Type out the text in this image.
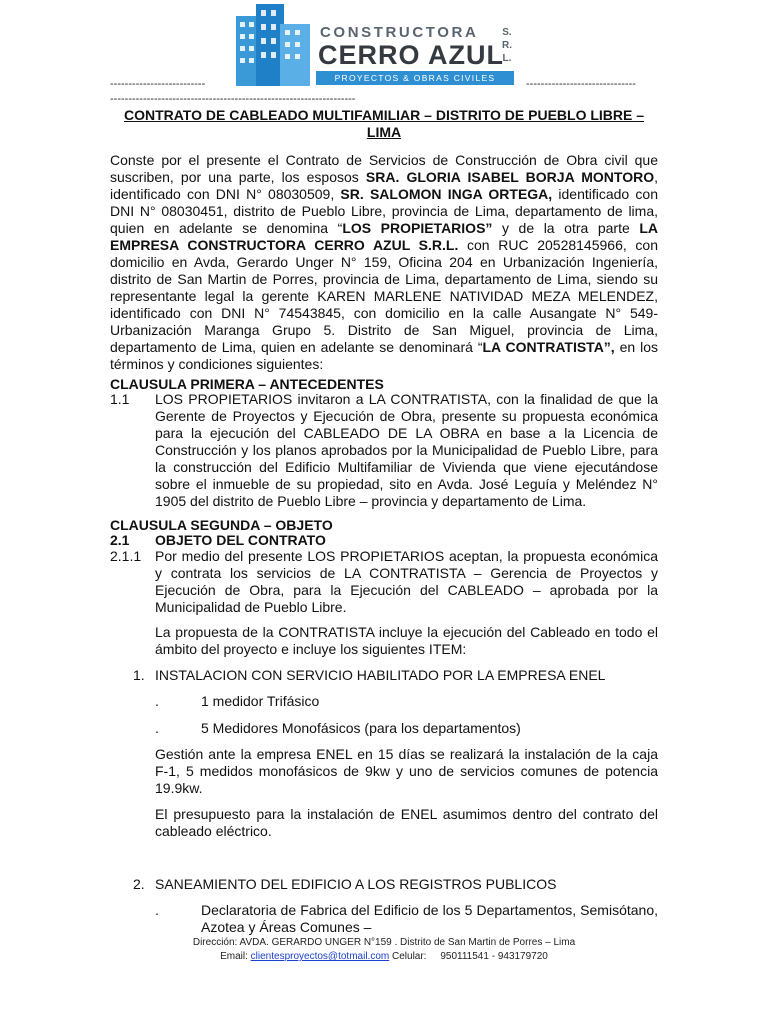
CONSTRUCTORA S.
R.
L.
CERRO AZUL
PROYECTOS & OBRAS CIVILES
--------------------------	------------------------------
-------------------------------------------------------------------
CONTRATO DE CABLEADO MULTIFAMILIAR – DISTRITO DE PUEBLO LIBRE – LIMA
Conste por el presente el Contrato de Servicios de Construcción de Obra civil que suscriben, por una parte, los esposos SRA. GLORIA ISABEL BORJA MONTORO, identificado con DNI N° 08030509, SR. SALOMON INGA ORTEGA, identificado con DNI N° 08030451, distrito de Pueblo Libre, provincia de Lima, departamento de lima, quien en adelante se denomina “LOS PROPIETARIOS” y de la otra parte LA EMPRESA CONSTRUCTORA CERRO AZUL S.R.L. con RUC 20528145966, con domicilio en Avda, Gerardo Unger N° 159, Oficina 204 en Urbanización Ingeniería, distrito de San Martin de Porres, provincia de Lima, departamento de Lima, siendo su representante legal la gerente KAREN MARLENE NATIVIDAD MEZA MELENDEZ, identificado con DNI N° 74543845, con domicilio en la calle Ausangate N° 549-Urbanización Maranga Grupo 5. Distrito de San Miguel, provincia de Lima, departamento de Lima, quien en adelante se denominará “LA CONTRATISTA”, en los términos y condiciones siguientes:
CLAUSULA PRIMERA – ANTECEDENTES
1.1 LOS PROPIETARIOS invitaron a LA CONTRATISTA, con la finalidad de que la Gerente de Proyectos y Ejecución de Obra, presente su propuesta económica para la ejecución del CABLEADO DE LA OBRA en base a la Licencia de Construcción y los planos aprobados por la Municipalidad de Pueblo Libre, para la construcción del Edificio Multifamiliar de Vivienda que viene ejecutándose sobre el inmueble de su propiedad, sito en Avda. José Leguía y Meléndez N° 1905 del distrito de Pueblo Libre – provincia y departamento de Lima.
CLAUSULA SEGUNDA – OBJETO
2.1 OBJETO DEL CONTRATO
2.1.1 Por medio del presente LOS PROPIETARIOS aceptan, la propuesta económica y contrata los servicios de LA CONTRATISTA – Gerencia de Proyectos y Ejecución de Obra, para la Ejecución del CABLEADO – aprobada por la Municipalidad de Pueblo Libre.
La propuesta de la CONTRATISTA incluye la ejecución del Cableado en todo el ámbito del proyecto e incluye los siguientes ITEM:
1. INSTALACION CON SERVICIO HABILITADO POR LA EMPRESA ENEL
.	1 medidor Trifásico
.	5 Medidores Monofásicos (para los departamentos)
Gestión ante la empresa ENEL en 15 días se realizará la instalación de la caja F-1, 5 medidos monofásicos de 9kw y uno de servicios comunes de potencia 19.9kw.
El presupuesto para la instalación de ENEL asumimos dentro del contrato del cableado eléctrico.
2. SANEAMIENTO DEL EDIFICIO A LOS REGISTROS PUBLICOS
.	Declaratoria de Fabrica del Edificio de los 5 Departamentos, Semisótano, Azotea y Áreas Comunes –
Dirección: AVDA. GERARDO UNGER N°159 . Distrito de San Martin de Porres – Lima
Email: clientesproyectos@totmail.com Celular:     950111541 - 943179720
